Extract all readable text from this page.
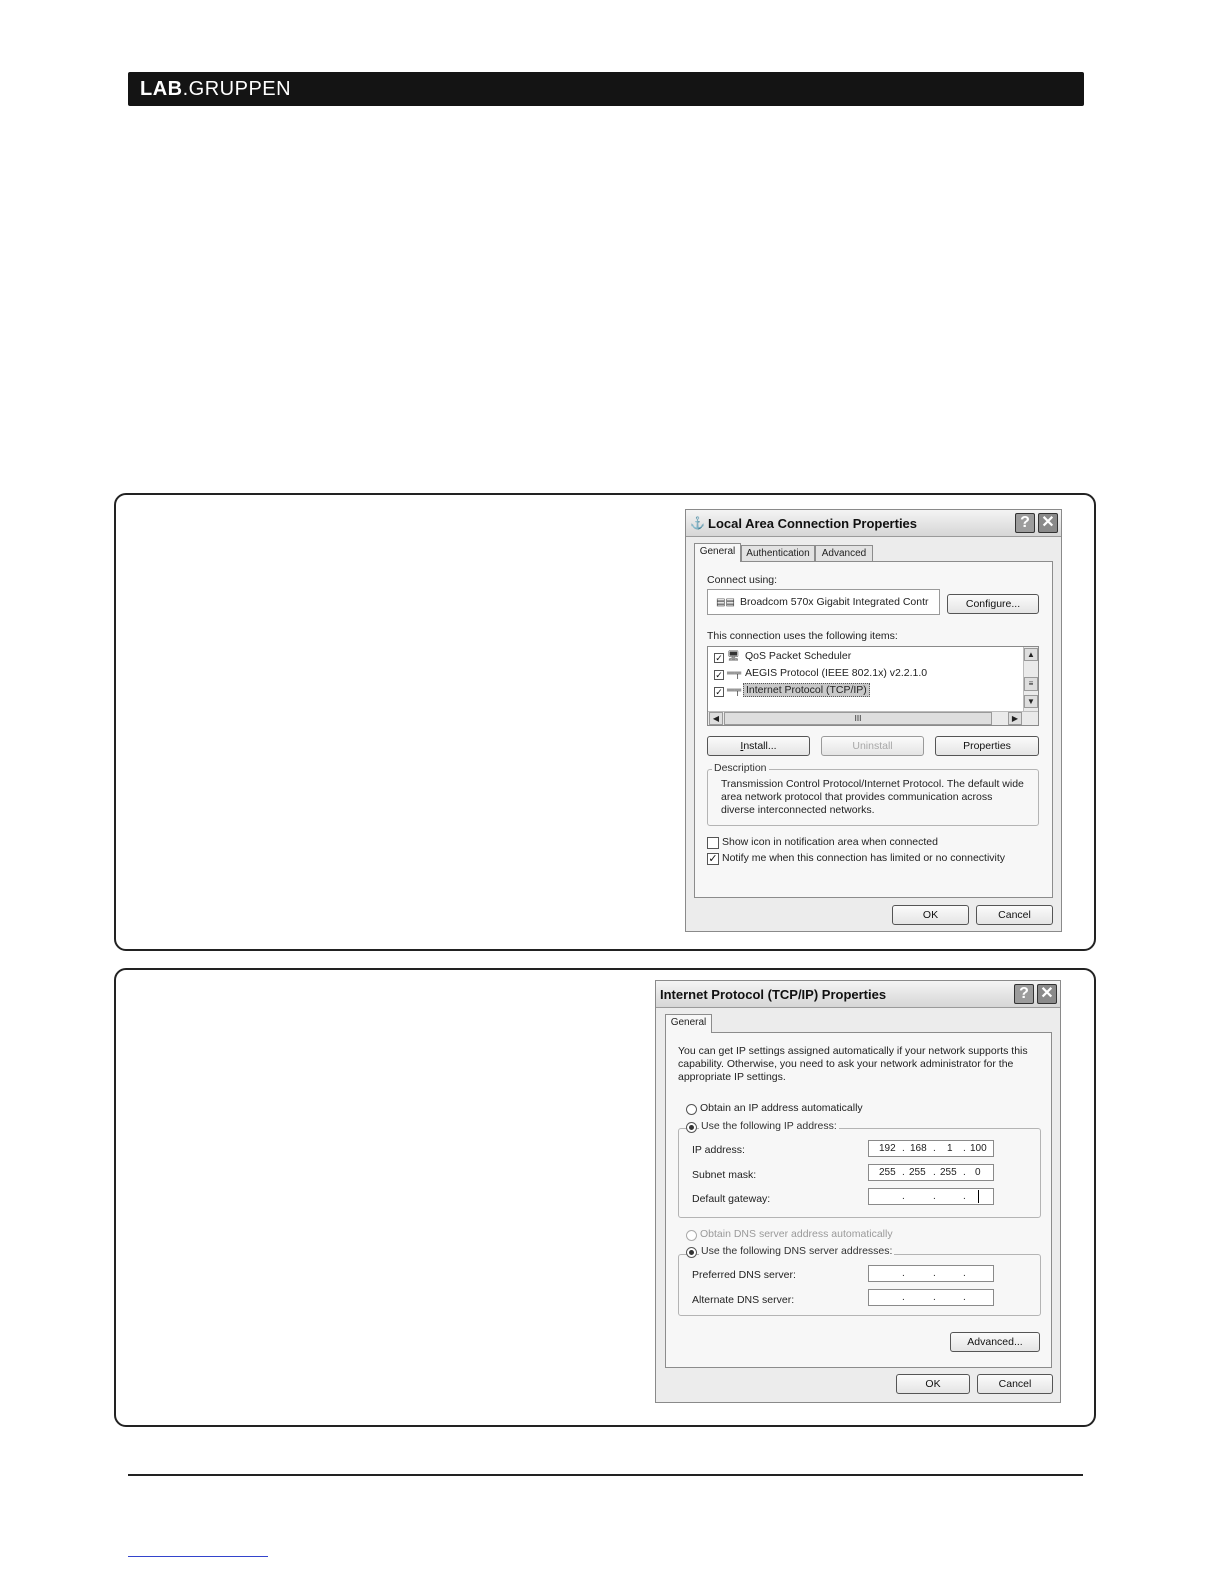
LAB.GRUPPEN
⚓ Local Area Connection Properties	? ✕
General	Authentication	Advanced
Connect using:
▤▤ Broadcom 570x Gigabit Integrated Contr	Configure...
This connection uses the following items:
✓ 🖥 QoS Packet Scheduler
✓ ═╤ AEGIS Protocol (IEEE 802.1x) v2.2.1.0
✓ ═╤ Internet Protocol (TCP/IP)
▲
▼
≡
◀	III	▶
Install...	Uninstall	Properties
Description
Transmission Control Protocol/Internet Protocol. The default wide
area network protocol that provides communication across
diverse interconnected networks.
Show icon in notification area when connected
✓ Notify me when this connection has limited or no connectivity
OK	Cancel
Internet Protocol (TCP/IP) Properties	? ✕
General
You can get IP settings assigned automatically if your network supports this
capability. Otherwise, you need to ask your network administrator for the
appropriate IP settings.
Obtain an IP address automatically
Use the following IP address:
IP address:	192 . 168 . 1 . 100
Subnet mask:	255 . 255 . 255 . 0
Default gateway:	.	.	.
Obtain DNS server address automatically
Use the following DNS server addresses:
Preferred DNS server:	.	.	.
Alternate DNS server:	.	.	.
Advanced...
OK	Cancel
